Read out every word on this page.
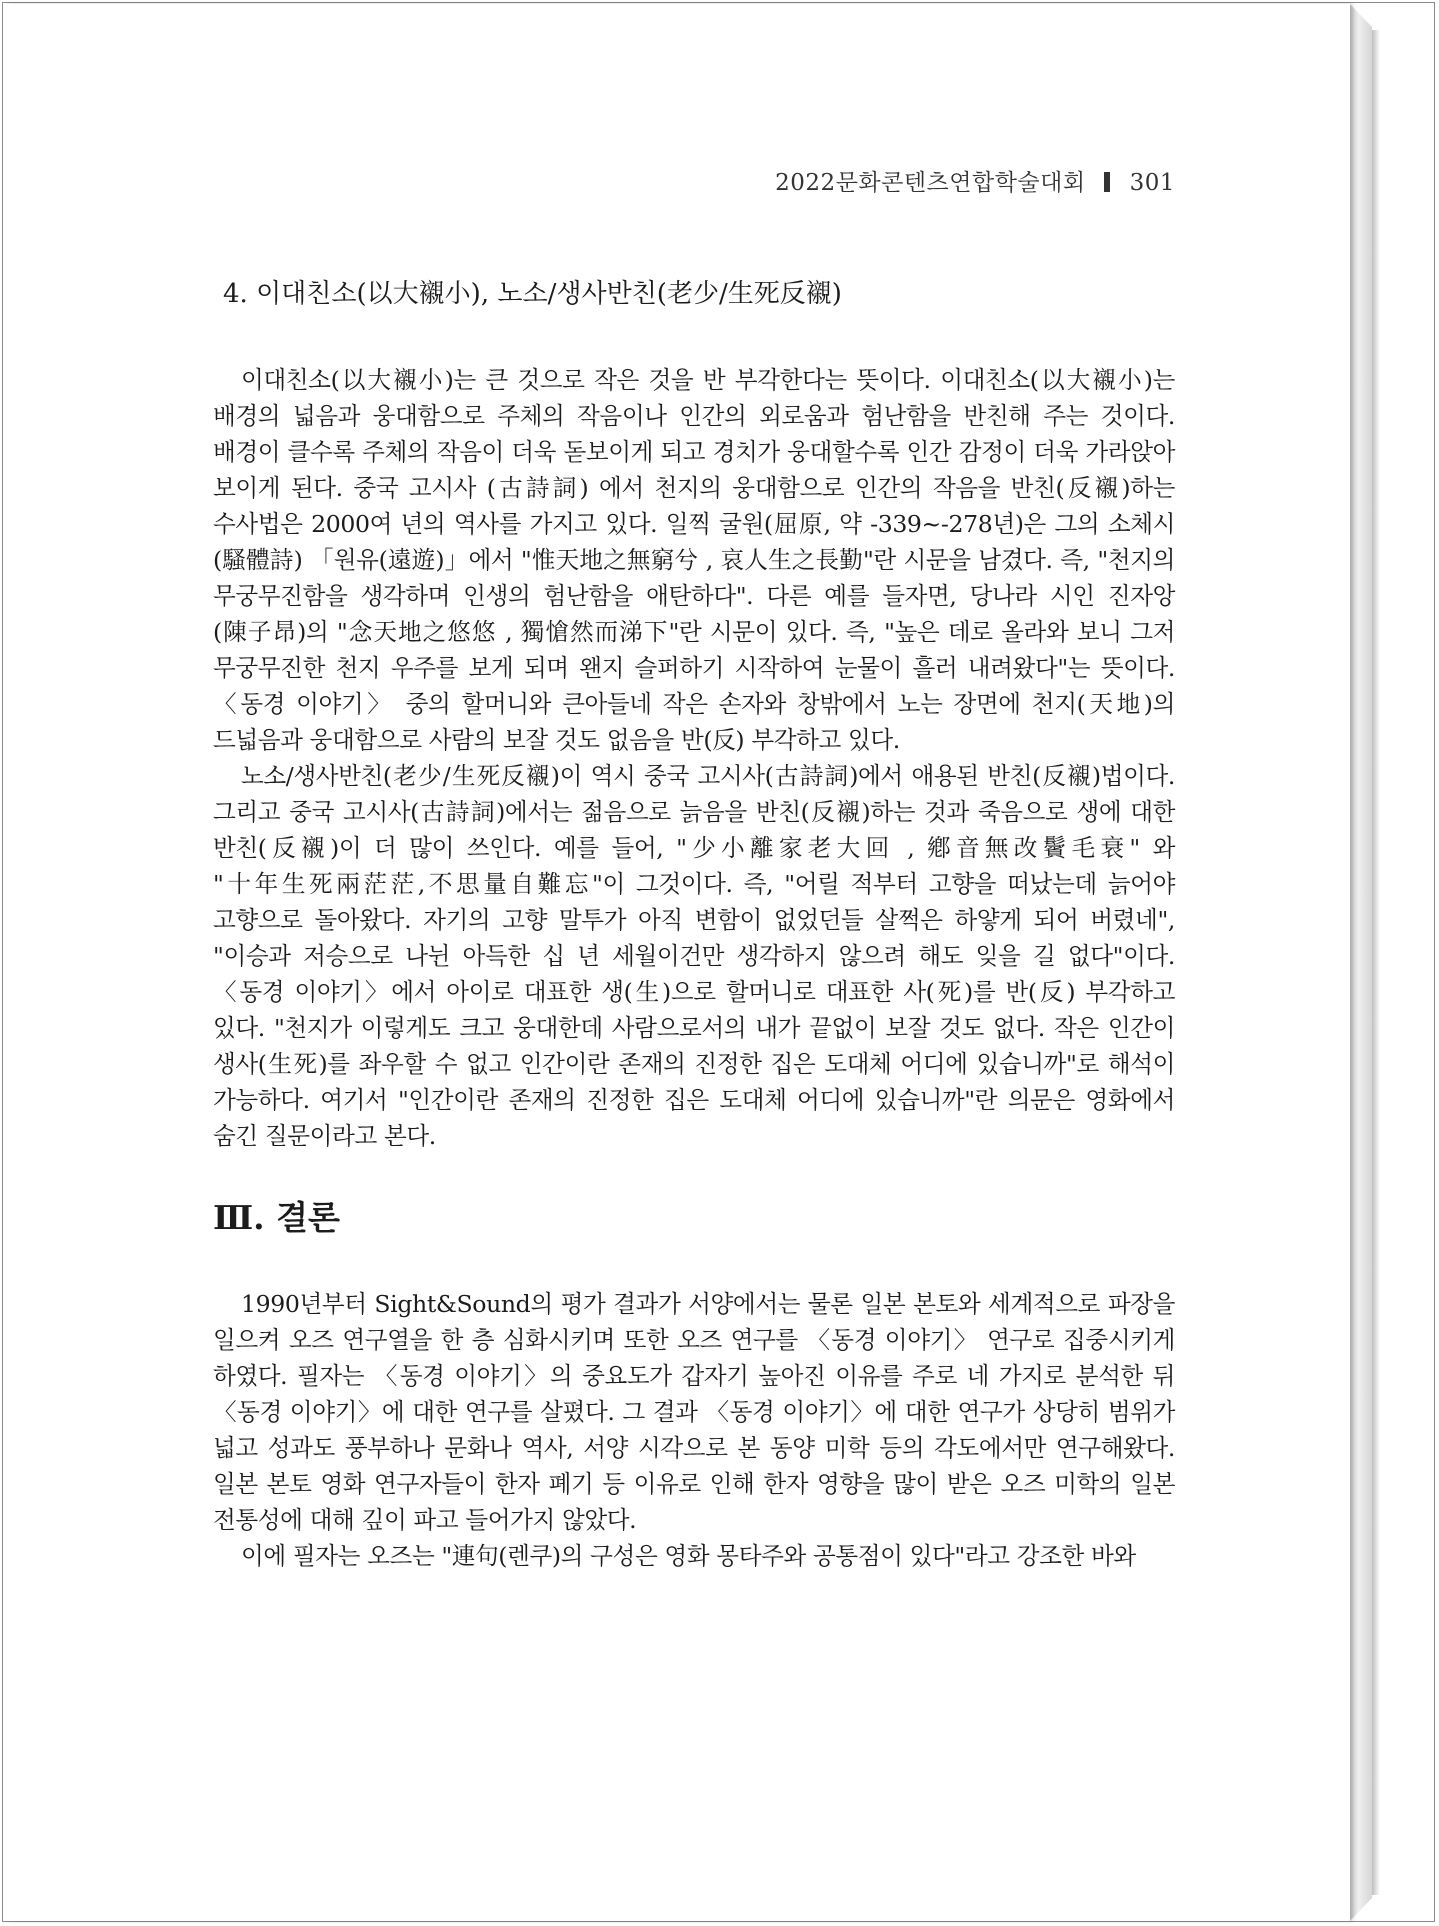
2022문화콘텐츠연합학술대회 301
4. 이대친소(以大襯小), 노소/생사반친(老少/生死反襯)

이대친소(以大襯小)는 큰 것으로 작은 것을 반 부각한다는 뜻이다. 이대친소(以大襯小)는 배경의 넓음과 웅대함으로 주체의 작음이나 인간의 외로움과 험난함을 반친해 주는 것이다. 배경이 클수록 주체의 작음이 더욱 돋보이게 되고 경치가 웅대할수록 인간 감정이 더욱 가라앉아 보이게 된다. 중국 고시사 (古詩詞) 에서 천지의 웅대함으로 인간의 작음을 반친(反襯)하는 수사법은 2000여 년의 역사를 가지고 있다. 일찍 굴원(屈原, 약 -339~-278년)은 그의 소체시(騷體詩) 「원유(遠遊)」에서 "惟天地之無窮兮 , 哀人生之長勤"란 시문을 남겼다. 즉, "천지의 무궁무진함을 생각하며 인생의 험난함을 애탄하다". 다른 예를 들자면, 당나라 시인 진자앙(陳子昂)의 "念天地之悠悠 , 獨愴然而涕下"란 시문이 있다. 즉, "높은 데로 올라와 보니 그저 무궁무진한 천지 우주를 보게 되며 왠지 슬퍼하기 시작하여 눈물이 흘러 내려왔다"는 뜻이다. 〈동경 이야기〉 중의 할머니와 큰아들네 작은 손자와 창밖에서 노는 장면에 천지(天地)의 드넓음과 웅대함으로 사람의 보잘 것도 없음을 반(反) 부각하고 있다.

노소/생사반친(老少/生死反襯)이 역시 중국 고시사(古詩詞)에서 애용된 반친(反襯)법이다. 그리고 중국 고시사(古詩詞)에서는 젊음으로 늙음을 반친(反襯)하는 것과 죽음으로 생에 대한 반친(反襯)이 더 많이 쓰인다. 예를 들어, "少小離家老大回 , 鄕音無改鬢毛衰" 와 "十年生死兩茫茫,不思量自難忘"이 그것이다. 즉, "어릴 적부터 고향을 떠났는데 늙어야 고향으로 돌아왔다. 자기의 고향 말투가 아직 변함이 없었던들 살쩍은 하얗게 되어 버렸네", "이승과 저승으로 나뉜 아득한 십 년 세월이건만 생각하지 않으려 해도 잊을 길 없다"이다. 〈동경 이야기〉에서 아이로 대표한 생(生)으로 할머니로 대표한 사(死)를 반(反) 부각하고 있다. "천지가 이렇게도 크고 웅대한데 사람으로서의 내가 끝없이 보잘 것도 없다. 작은 인간이 생사(生死)를 좌우할 수 없고 인간이란 존재의 진정한 집은 도대체 어디에 있습니까"로 해석이 가능하다. 여기서 "인간이란 존재의 진정한 집은 도대체 어디에 있습니까"란 의문은 영화에서 숨긴 질문이라고 본다.

Ⅲ. 결론

1990년부터 Sight&Sound의 평가 결과가 서양에서는 물론 일본 본토와 세계적으로 파장을 일으켜 오즈 연구열을 한 층 심화시키며 또한 오즈 연구를 〈동경 이야기〉 연구로 집중시키게 하였다. 필자는 〈동경 이야기〉의 중요도가 갑자기 높아진 이유를 주로 네 가지로 분석한 뒤 〈동경 이야기〉에 대한 연구를 살폈다. 그 결과 〈동경 이야기〉에 대한 연구가 상당히 범위가 넓고 성과도 풍부하나 문화나 역사, 서양 시각으로 본 동양 미학 등의 각도에서만 연구해왔다. 일본 본토 영화 연구자들이 한자 폐기 등 이유로 인해 한자 영향을 많이 받은 오즈 미학의 일본 전통성에 대해 깊이 파고 들어가지 않았다.

이에 필자는 오즈는 "連句(렌쿠)의 구성은 영화 몽타주와 공통점이 있다"라고 강조한 바와
